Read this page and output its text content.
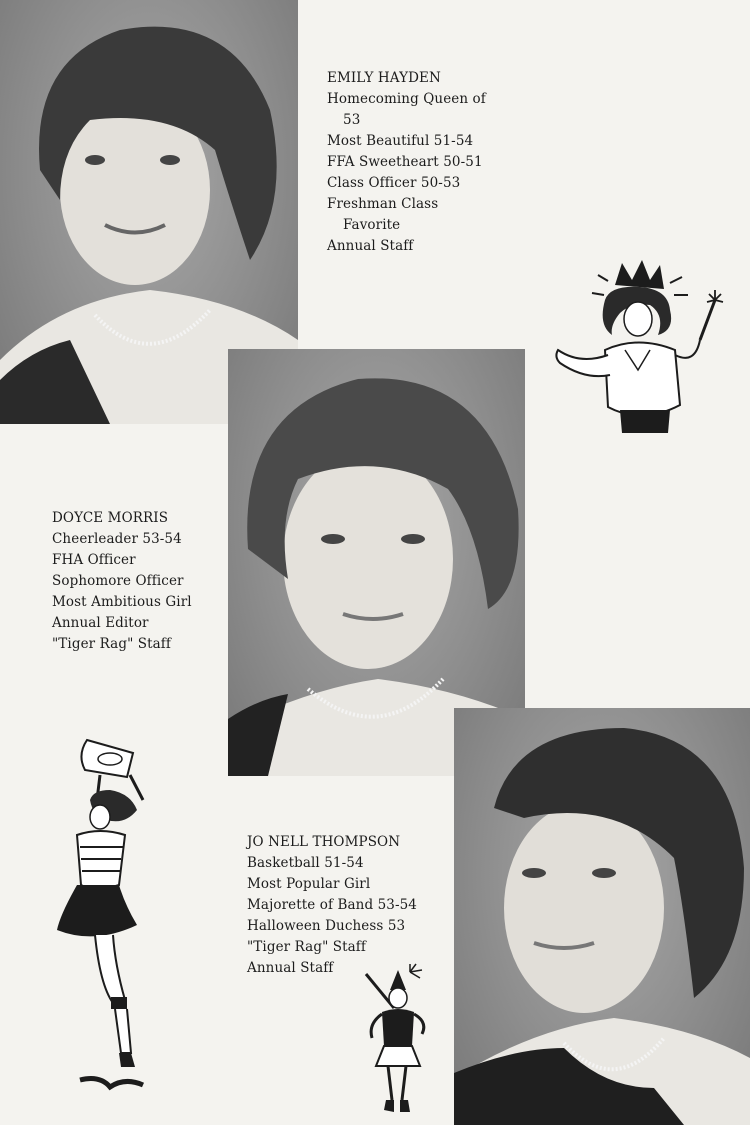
EMILY HAYDEN
Homecoming Queen of
53
Most Beautiful 51-54
FFA Sweetheart 50-51
Class Officer 50-53
Freshman Class
Favorite
Annual Staff
DOYCE MORRIS
Cheerleader 53-54
FHA Officer
Sophomore Officer
Most Ambitious Girl
Annual Editor
"Tiger Rag" Staff
JO NELL THOMPSON
Basketball 51-54
Most Popular Girl
Majorette of Band 53-54
Halloween Duchess 53
"Tiger Rag" Staff
Annual Staff
